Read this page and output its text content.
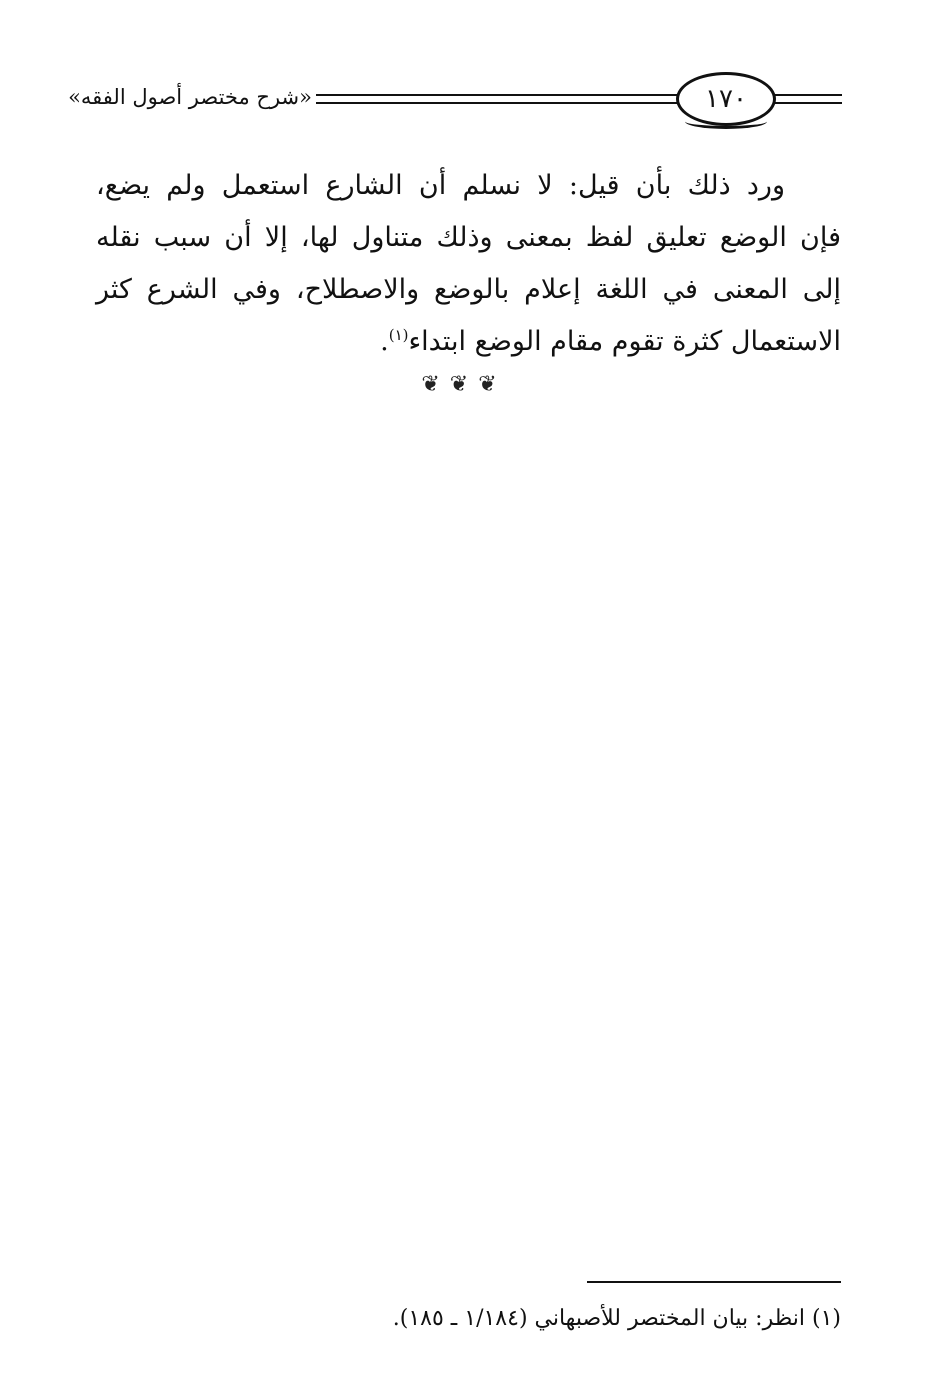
«شرح مختصر أصول الفقه»	١٧٠
ورد ذلك بأن قيل: لا نسلم أن الشارع استعمل ولم يضع،
فإن الوضع تعليق لفظ بمعنى وذلك متناول لها، إلا أن سبب نقله
إلى المعنى في اللغة إعلام بالوضع والاصطلاح، وفي الشرع كثر
الاستعمال كثرة تقوم مقام الوضع ابتداء$^{(١)}$.
❦❦❦
(١) انظر: بيان المختصر للأصبهاني (١/١٨٤ ـ ١٨٥).
